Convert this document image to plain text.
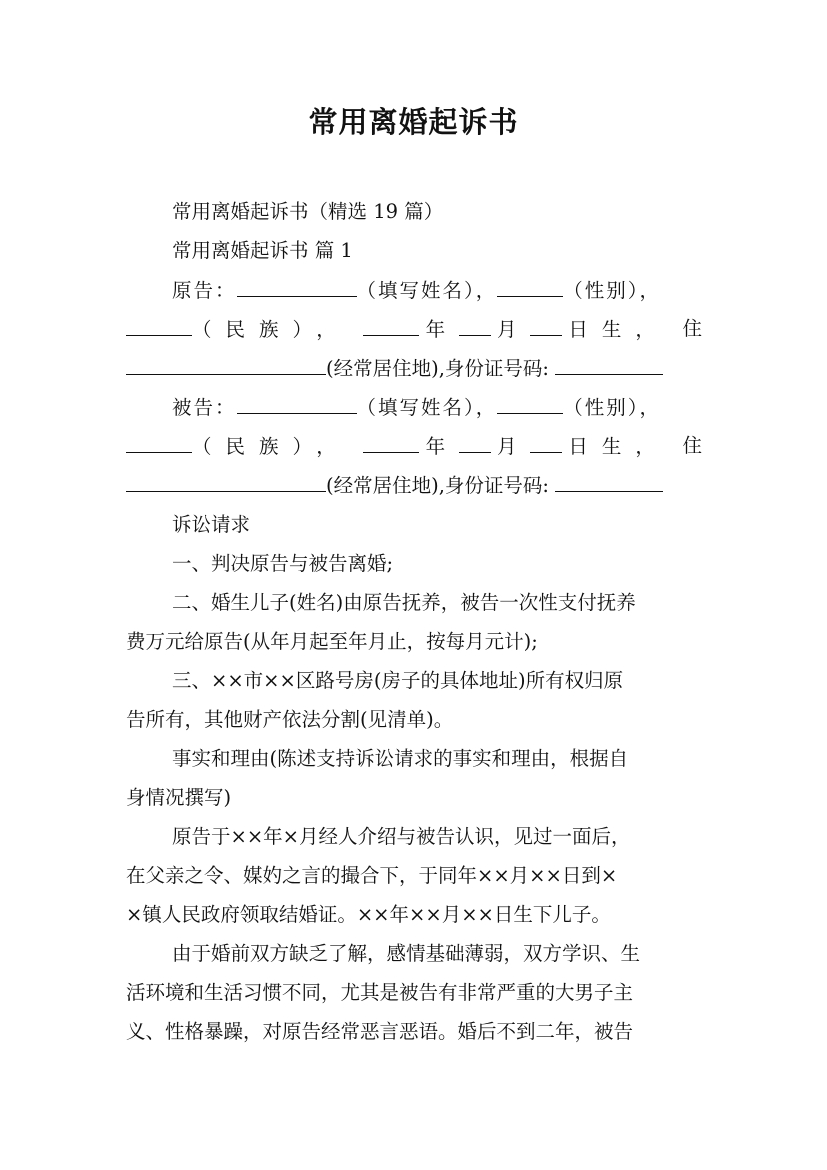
常用离婚起诉书
常用离婚起诉书（精选 19 篇）
常用离婚起诉书 篇 1
原告：	（填写姓名），	（性别），
（民族），	年	月	日生， 住
(经常居住地),身份证号码:
被告：	（填写姓名），	（性别），
（民族），	年	月	日生， 住
(经常居住地),身份证号码:
诉讼请求
一、判决原告与被告离婚;
二、婚生儿子(姓名)由原告抚养，被告一次性支付抚养
费万元给原告(从年月起至年月止，按每月元计);
三、××市××区路号房(房子的具体地址)所有权归原
告所有，其他财产依法分割(见清单)。
事实和理由(陈述支持诉讼请求的事实和理由，根据自
身情况撰写)
原告于××年×月经人介绍与被告认识，见过一面后，
在父亲之令、媒妁之言的撮合下，于同年××月××日到×
×镇人民政府领取结婚证。××年××月××日生下儿子。
由于婚前双方缺乏了解，感情基础薄弱，双方学识、生
活环境和生活习惯不同，尤其是被告有非常严重的大男子主
义、性格暴躁，对原告经常恶言恶语。婚后不到二年，被告
